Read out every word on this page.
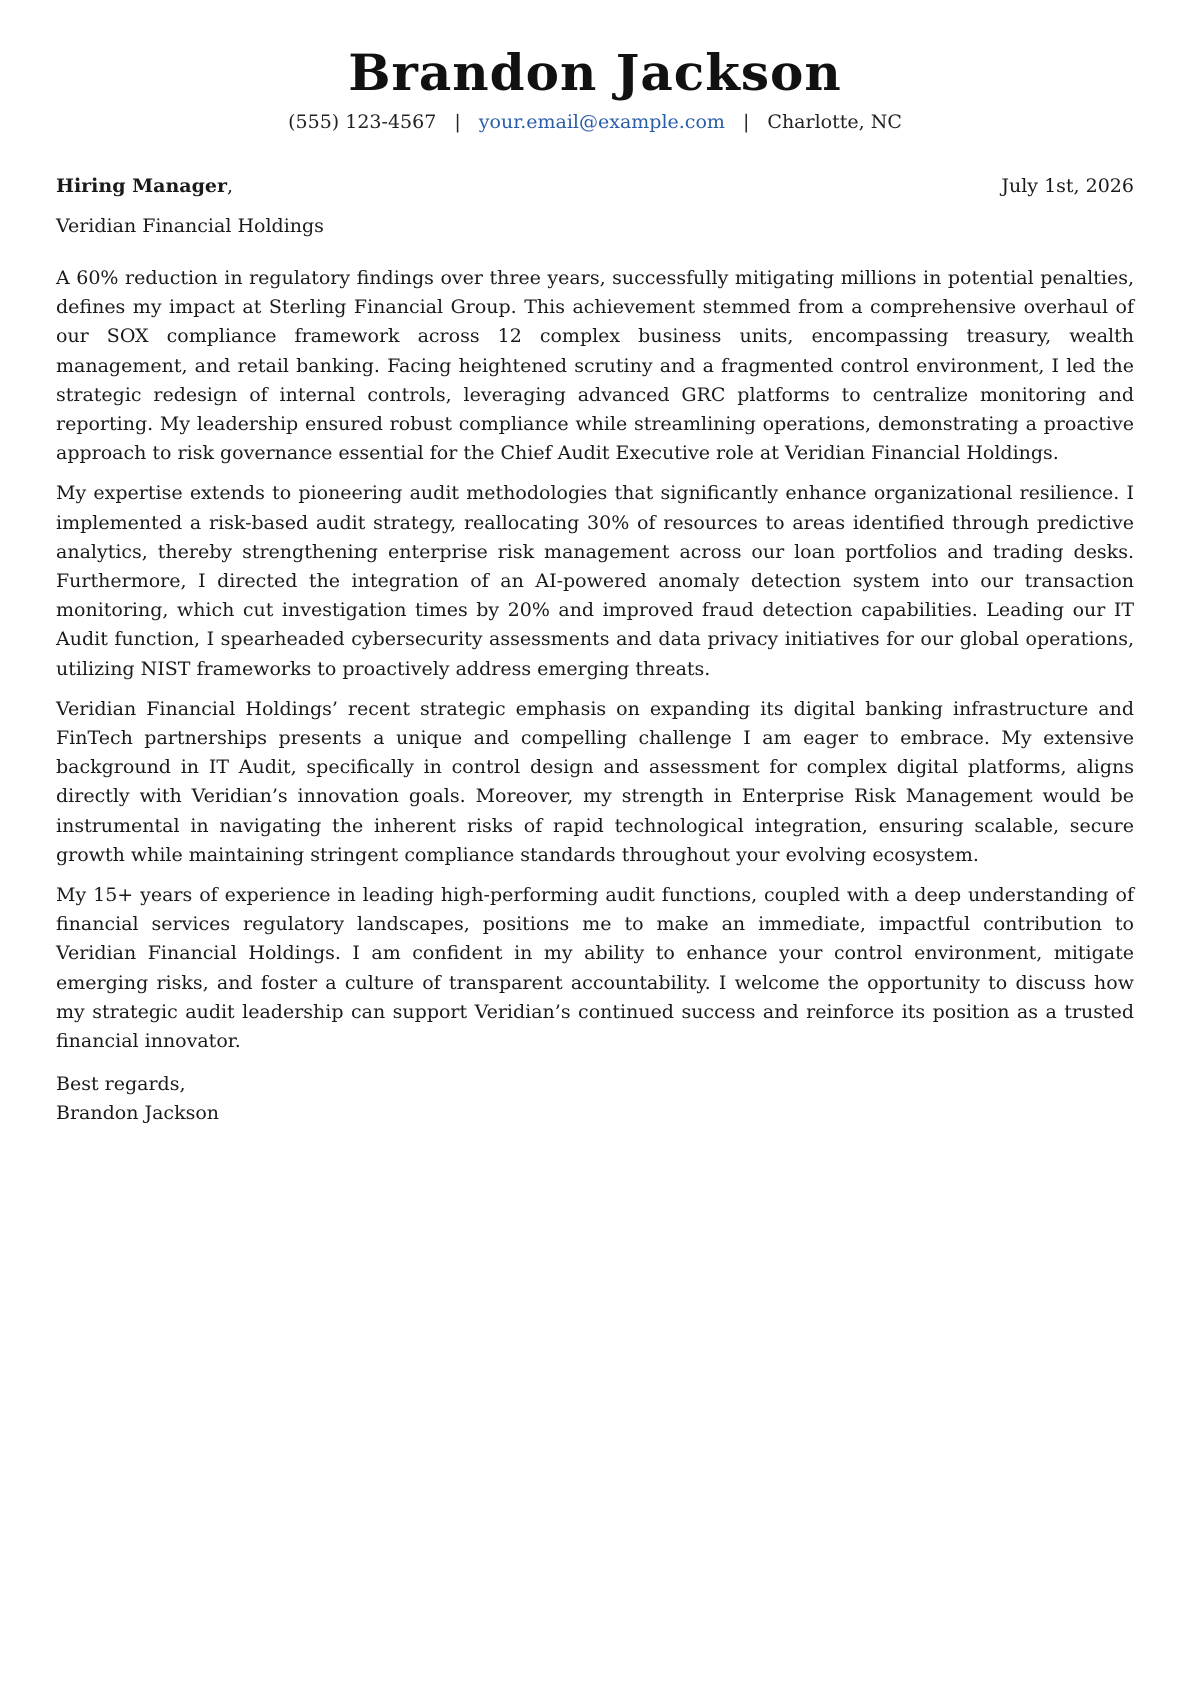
Brandon Jackson
(555) 123-4567 | your.email@example.com | Charlotte, NC
Hiring Manager,	July 1st, 2026
Veridian Financial Holdings

A 60% reduction in regulatory findings over three years, successfully mitigating millions in potential penalties, defines my impact at Sterling Financial Group. This achievement stemmed from a comprehensive overhaul of our SOX compliance framework across 12 complex business units, encompassing treasury, wealth management, and retail banking. Facing heightened scrutiny and a fragmented control environment, I led the strategic redesign of internal controls, leveraging advanced GRC platforms to centralize monitoring and reporting. My leadership ensured robust compliance while streamlining operations, demonstrating a proactive approach to risk governance essential for the Chief Audit Executive role at Veridian Financial Holdings.

My expertise extends to pioneering audit methodologies that significantly enhance organizational resilience. I implemented a risk-based audit strategy, reallocating 30% of resources to areas identified through predictive analytics, thereby strengthening enterprise risk management across our loan portfolios and trading desks. Furthermore, I directed the integration of an AI-powered anomaly detection system into our transaction monitoring, which cut investigation times by 20% and improved fraud detection capabilities. Leading our IT Audit function, I spearheaded cybersecurity assessments and data privacy initiatives for our global operations, utilizing NIST frameworks to proactively address emerging threats.

Veridian Financial Holdings’ recent strategic emphasis on expanding its digital banking infrastructure and FinTech partnerships presents a unique and compelling challenge I am eager to embrace. My extensive background in IT Audit, specifically in control design and assessment for complex digital platforms, aligns directly with Veridian’s innovation goals. Moreover, my strength in Enterprise Risk Management would be instrumental in navigating the inherent risks of rapid technological integration, ensuring scalable, secure growth while maintaining stringent compliance standards throughout your evolving ecosystem.

My 15+ years of experience in leading high-performing audit functions, coupled with a deep understanding of financial services regulatory landscapes, positions me to make an immediate, impactful contribution to Veridian Financial Holdings. I am confident in my ability to enhance your control environment, mitigate emerging risks, and foster a culture of transparent accountability. I welcome the opportunity to discuss how my strategic audit leadership can support Veridian’s continued success and reinforce its position as a trusted financial innovator.

Best regards,
Brandon Jackson
